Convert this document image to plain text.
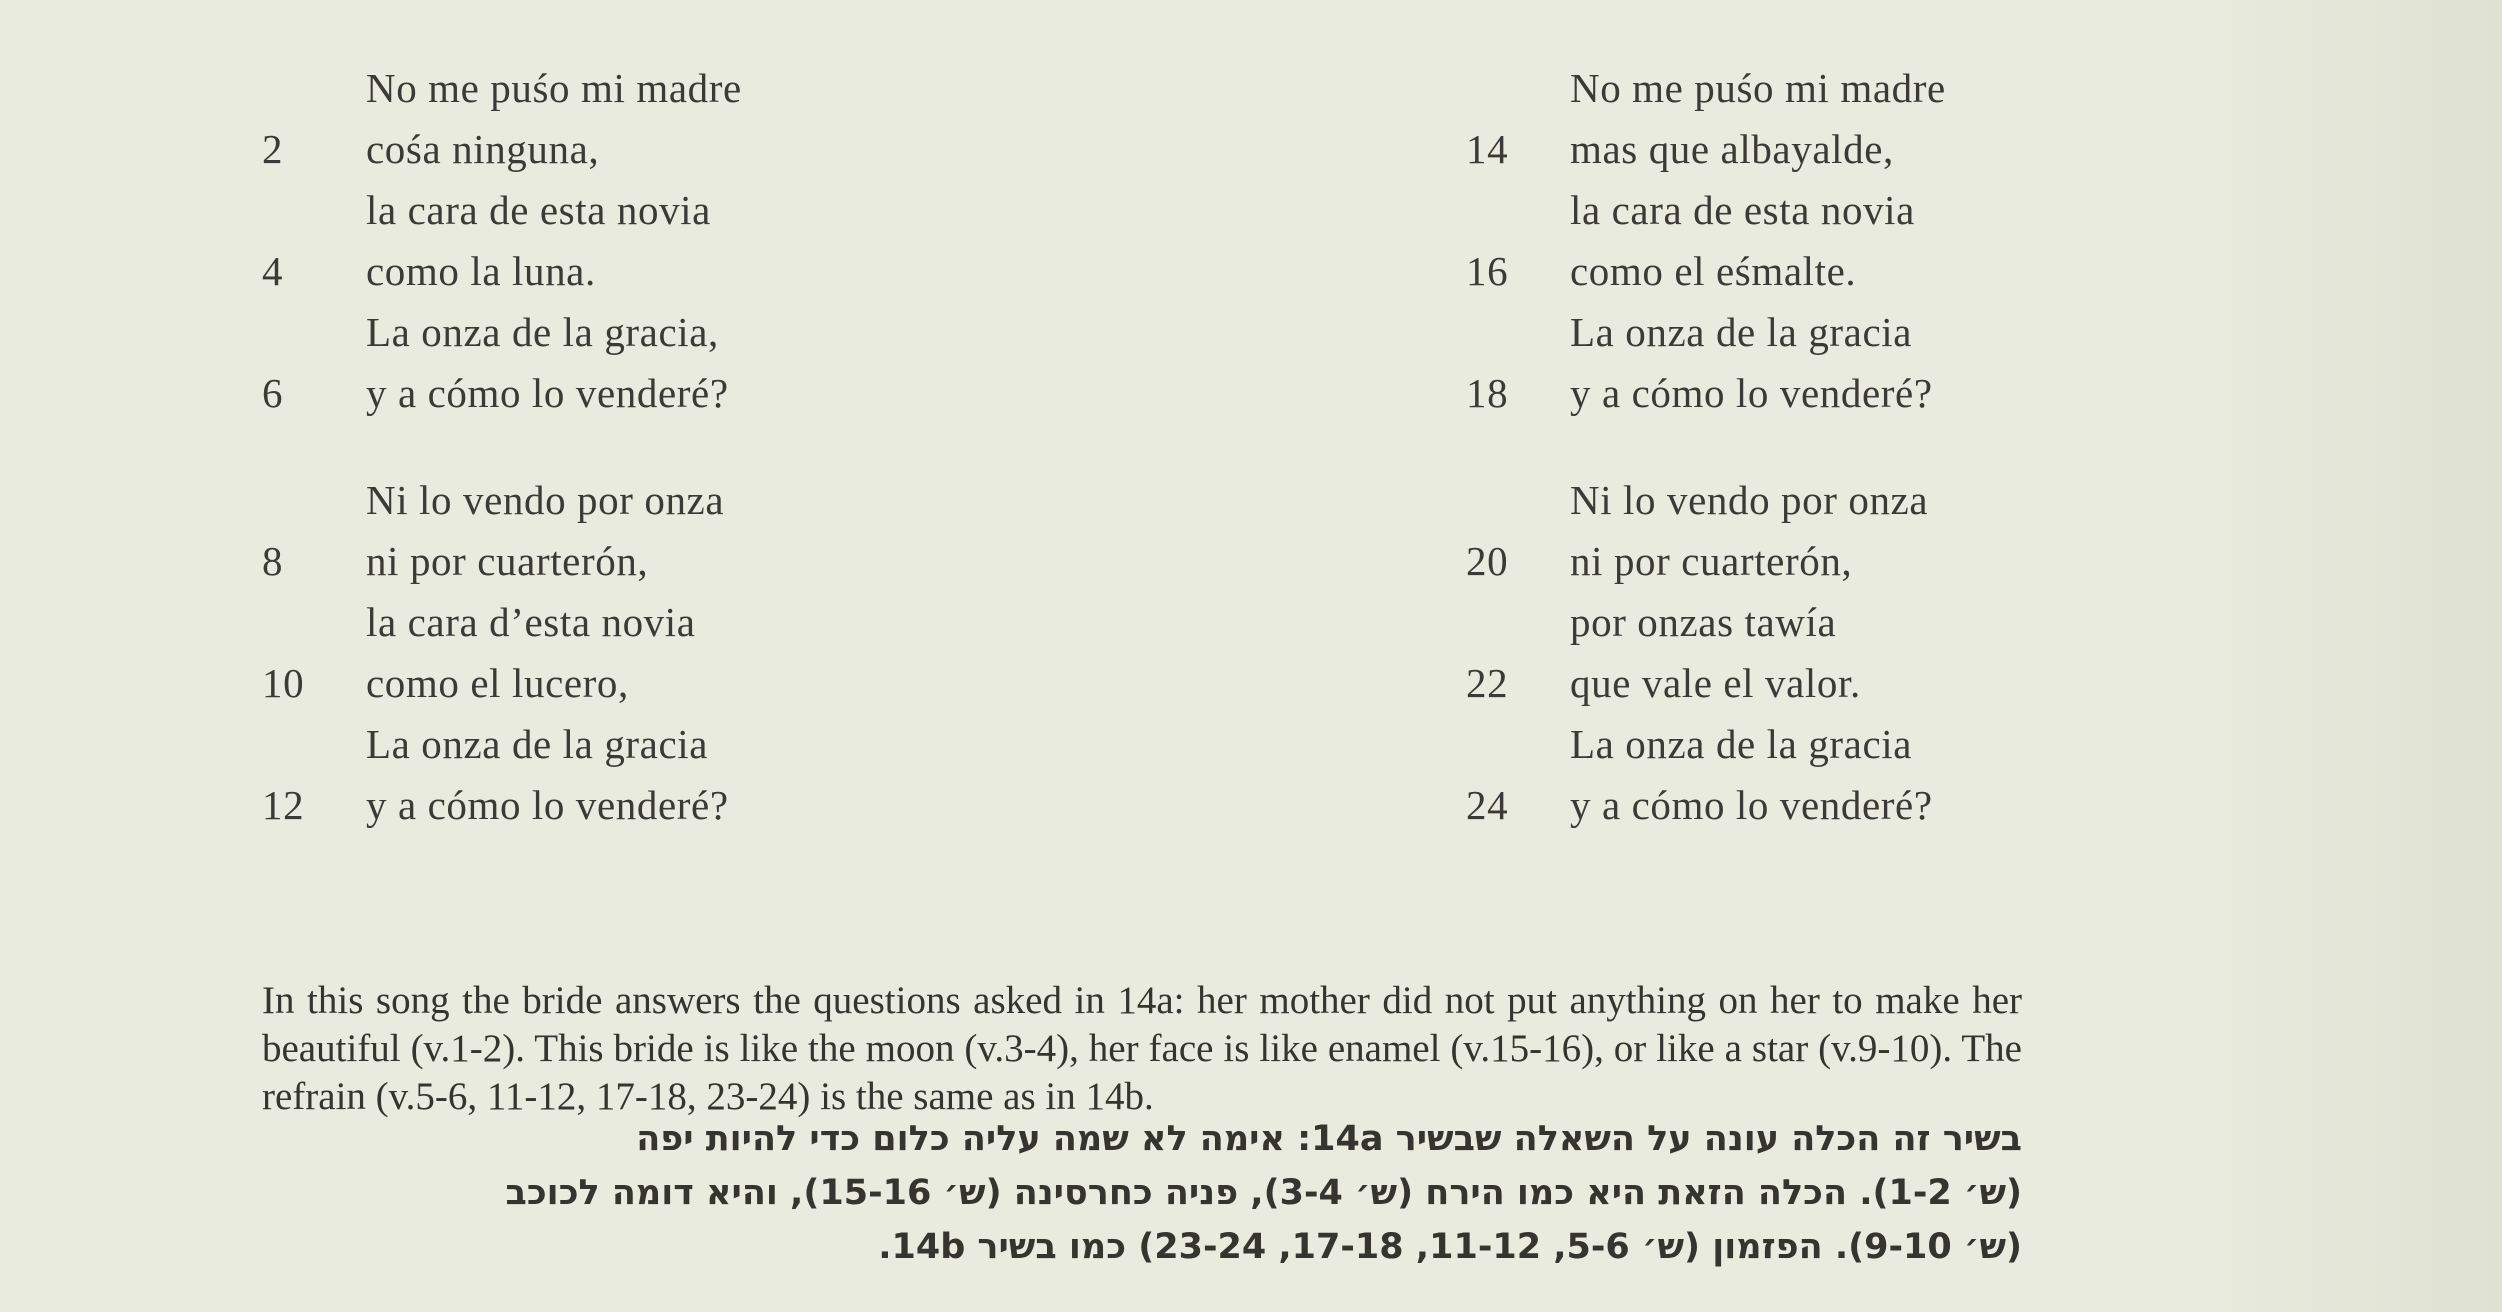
No me puśo mi madre
2	cośa ninguna,
la cara de esta novia
4	como la luna.
La onza de la gracia,
6	y a cómo lo venderé?
Ni lo vendo por onza
8	ni por cuarterón,
la cara d’esta novia
10	como el lucero,
La onza de la gracia
12	y a cómo lo venderé?
No me puśo mi madre
14	mas que albayalde,
la cara de esta novia
16	como el eśmalte.
La onza de la gracia
18	y a cómo lo venderé?
Ni lo vendo por onza
20	ni por cuarterón,
por onzas tawía
22	que vale el valor.
La onza de la gracia
24	y a cómo lo venderé?

In this song the bride answers the questions asked in 14a: her mother did not put anything on her to make her beautiful (v.1-2). This bride is like the moon (v.3-4), her face is like enamel (v.15-16), or like a star (v.9-10). The refrain (v.5-6, 11-12, 17-18, 23-24) is the same as in 14b.

בשיר זה הכלה עונה על השאלה שבשיר 14a: אימה לא שמה עליה כלום כדי להיות יפה
(ש׳ 1-2). הכלה הזאת היא כמו הירח (ש׳ 3-4), פניה כחרסינה (ש׳ 15-16), והיא דומה לכוכב
(ש׳ 9-10). הפזמון (ש׳ 5-6, 11-12, 17-18, 23-24) כמו בשיר 14b.
